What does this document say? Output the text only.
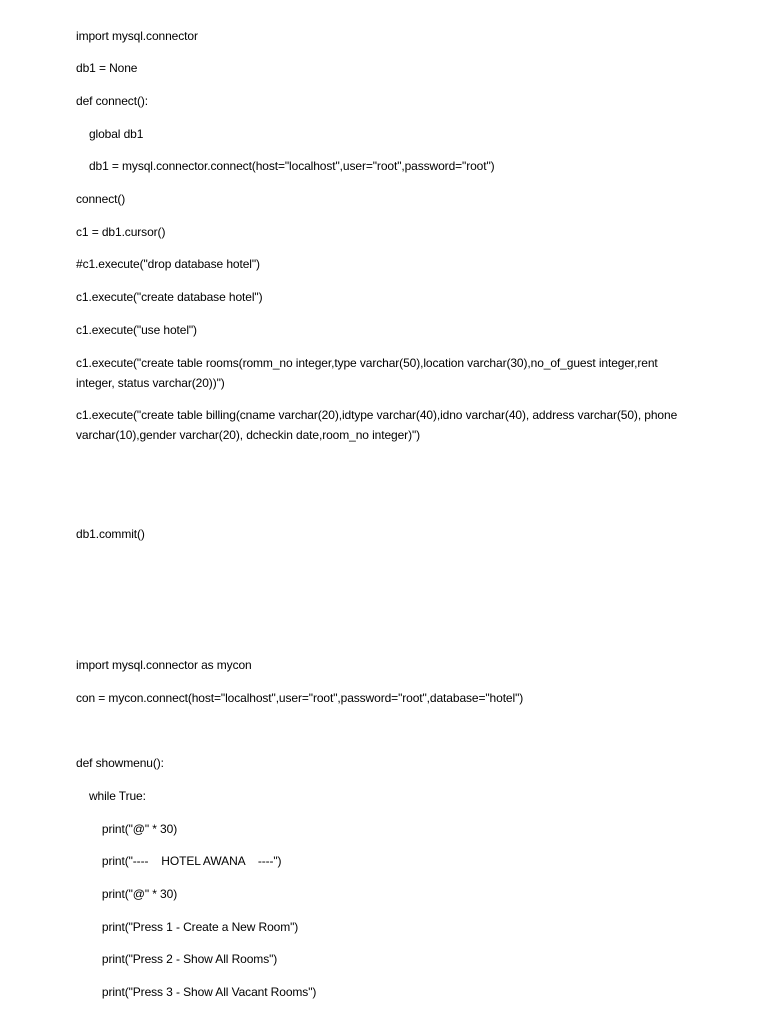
import mysql.connector
db1 = None
def connect():
global db1
db1 = mysql.connector.connect(host="localhost",user="root",password="root")
connect()
c1 = db1.cursor()
#c1.execute("drop database hotel")
c1.execute("create database hotel")
c1.execute("use hotel")
c1.execute("create table rooms(romm_no integer,type varchar(50),location varchar(30),no_of_guest integer,rent integer, status varchar(20))")
c1.execute("create table billing(cname varchar(20),idtype varchar(40),idno varchar(40), address varchar(50), phone varchar(10),gender varchar(20), dcheckin date,room_no integer)")
db1.commit()
import mysql.connector as mycon
con = mycon.connect(host="localhost",user="root",password="root",database="hotel")
def showmenu():
while True:
print("@" * 30)
print("----    HOTEL AWANA    ----")
print("@" * 30)
print("Press 1 - Create a New Room")
print("Press 2 - Show All Rooms")
print("Press 3 - Show All Vacant Rooms")
